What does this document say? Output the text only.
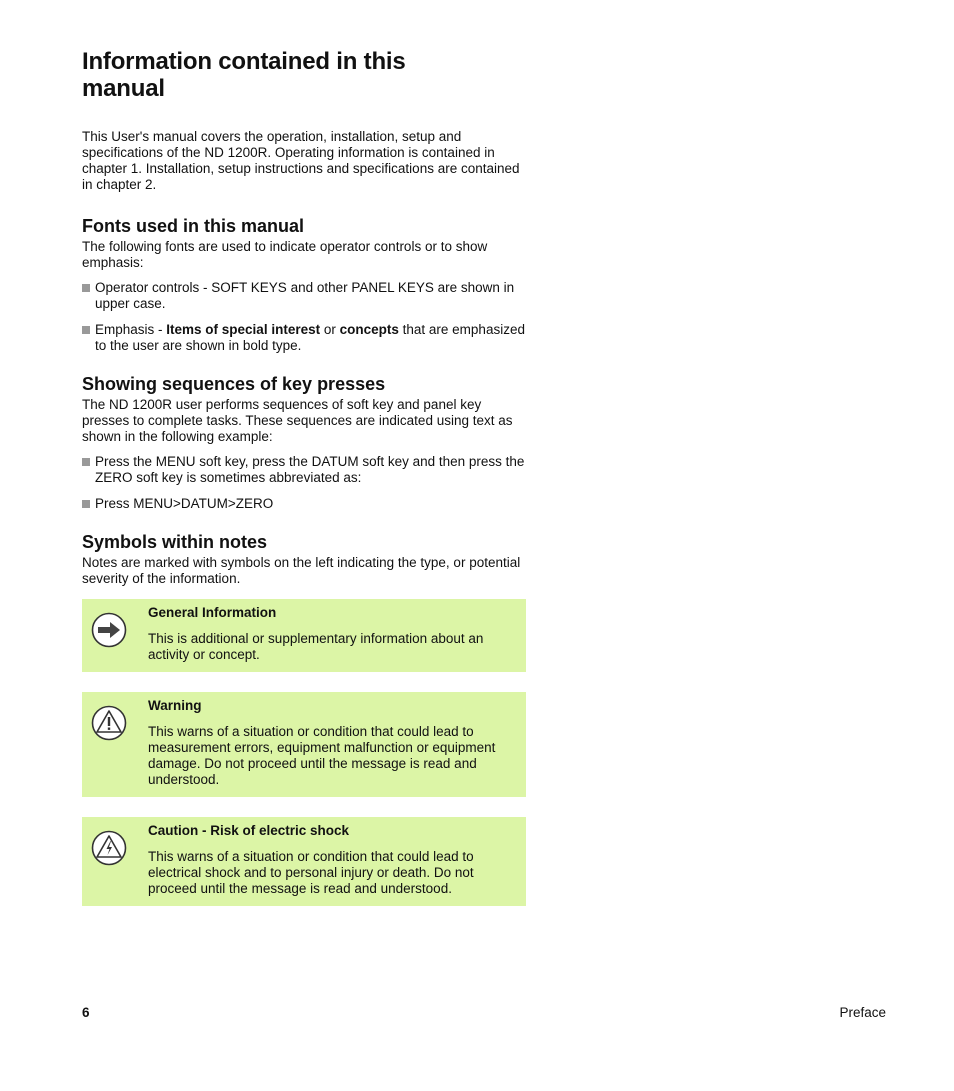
Information contained in this manual

This User's manual covers the operation, installation, setup and specifications of the ND 1200R. Operating information is contained in chapter 1. Installation, setup instructions and specifications are contained in chapter 2.

Fonts used in this manual

The following fonts are used to indicate operator controls or to show emphasis:

Operator controls - SOFT KEYS and other PANEL KEYS are shown in upper case.
Emphasis - Items of special interest or concepts that are emphasized to the user are shown in bold type.
Showing sequences of key presses

The ND 1200R user performs sequences of soft key and panel key presses to complete tasks. These sequences are indicated using text as shown in the following example:

Press the MENU soft key, press the DATUM soft key and then press the ZERO soft key is sometimes abbreviated as:
Press MENU>DATUM>ZERO
Symbols within notes

Notes are marked with symbols on the left indicating the type, or potential severity of the information.

General Information
This is additional or supplementary information about an activity or concept.
Warning
This warns of a situation or condition that could lead to measurement errors, equipment malfunction or equipment damage. Do not proceed until the message is read and understood.
Caution - Risk of electric shock
This warns of a situation or condition that could lead to electrical shock and to personal injury or death. Do not proceed until the message is read and understood.
6	Preface
